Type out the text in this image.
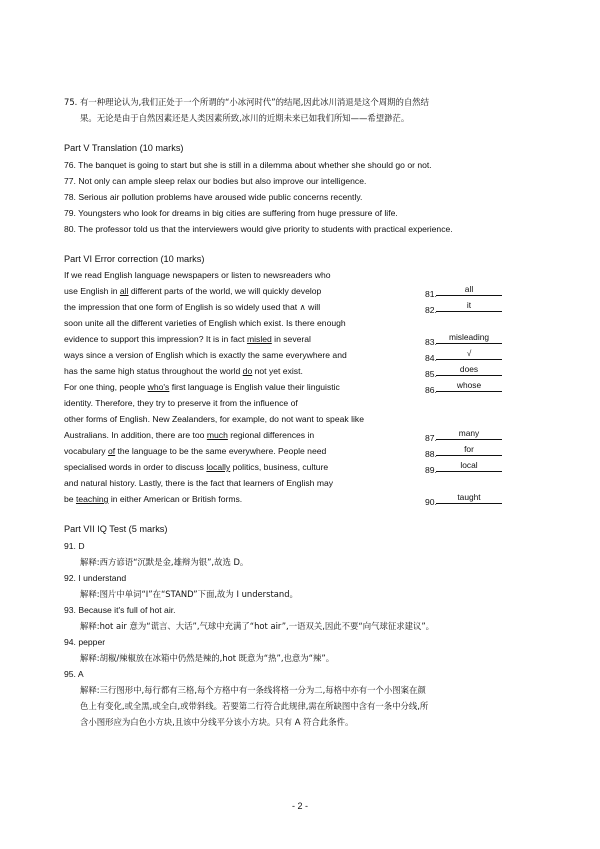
75. 有一种理论认为,我们正处于一个所谓的“小冰河时代”的结尾,因此冰川消退是这个周期的自然结
果。无论是由于自然因素还是人类因素所致,冰川的近期未来已如我们所知——希望渺茫。
Part V Translation (10 marks)
76. The banquet is going to start but she is still in a dilemma about whether she should go or not.
77. Not only can ample sleep relax our bodies but also improve our intelligence.
78. Serious air pollution problems have aroused wide public concerns recently.
79. Youngsters who look for dreams in big cities are suffering from huge pressure of life.
80. The professor told us that the interviewers would give priority to students with practical experience.
Part VI Error correction (10 marks)
If we read English language newspapers or listen to newsreaders who
use English in all different parts of the world, we will quickly develop
the impression that one form of English is so widely used that ∧ will
soon unite all the different varieties of English which exist. Is there enough
evidence to support this impression? It is in fact misled in several
ways since a version of English which is exactly the same everywhere and
has the same high status throughout the world do not yet exist.
For one thing, people who's first language is English value their linguistic
identity. Therefore, they try to preserve it from the influence of
other forms of English. New Zealanders, for example, do not want to speak like
Australians. In addition, there are too much regional differences in
vocabulary of the language to be the same everywhere. People need
specialised words in order to discuss locally politics, business, culture
and natural history. Lastly, there is the fact that learners of English may
be teaching in either American or British forms.
81.	all
82.	it
83.	misleading
84.	√
85.	does
86.	whose
87.	many
88.	for
89.	local
90.	taught
Part VII IQ Test (5 marks)
91. D
解释:西方谚语“沉默是金,雄辩为银”,故选 D。
92. I understand
解释:图片中单词“I”在“STAND”下面,故为 I understand。
93. Because it's full of hot air.
解释:hot air 意为“谎言、大话”,气球中充满了“hot air”,一语双关,因此不要“向气球征求建议”。
94. pepper
解释:胡椒/辣椒放在冰箱中仍然是辣的,hot 既意为“热”,也意为“辣”。
95. A
解释:三行图形中,每行都有三格,每个方格中有一条线将格一分为二,每格中亦有一个小图案在颜
色上有变化,或全黑,或全白,或带斜线。若要第二行符合此规律,需在所缺图中含有一条中分线,所
含小图形应为白色小方块,且该中分线平分该小方块。只有 A 符合此条件。
- 2 -
